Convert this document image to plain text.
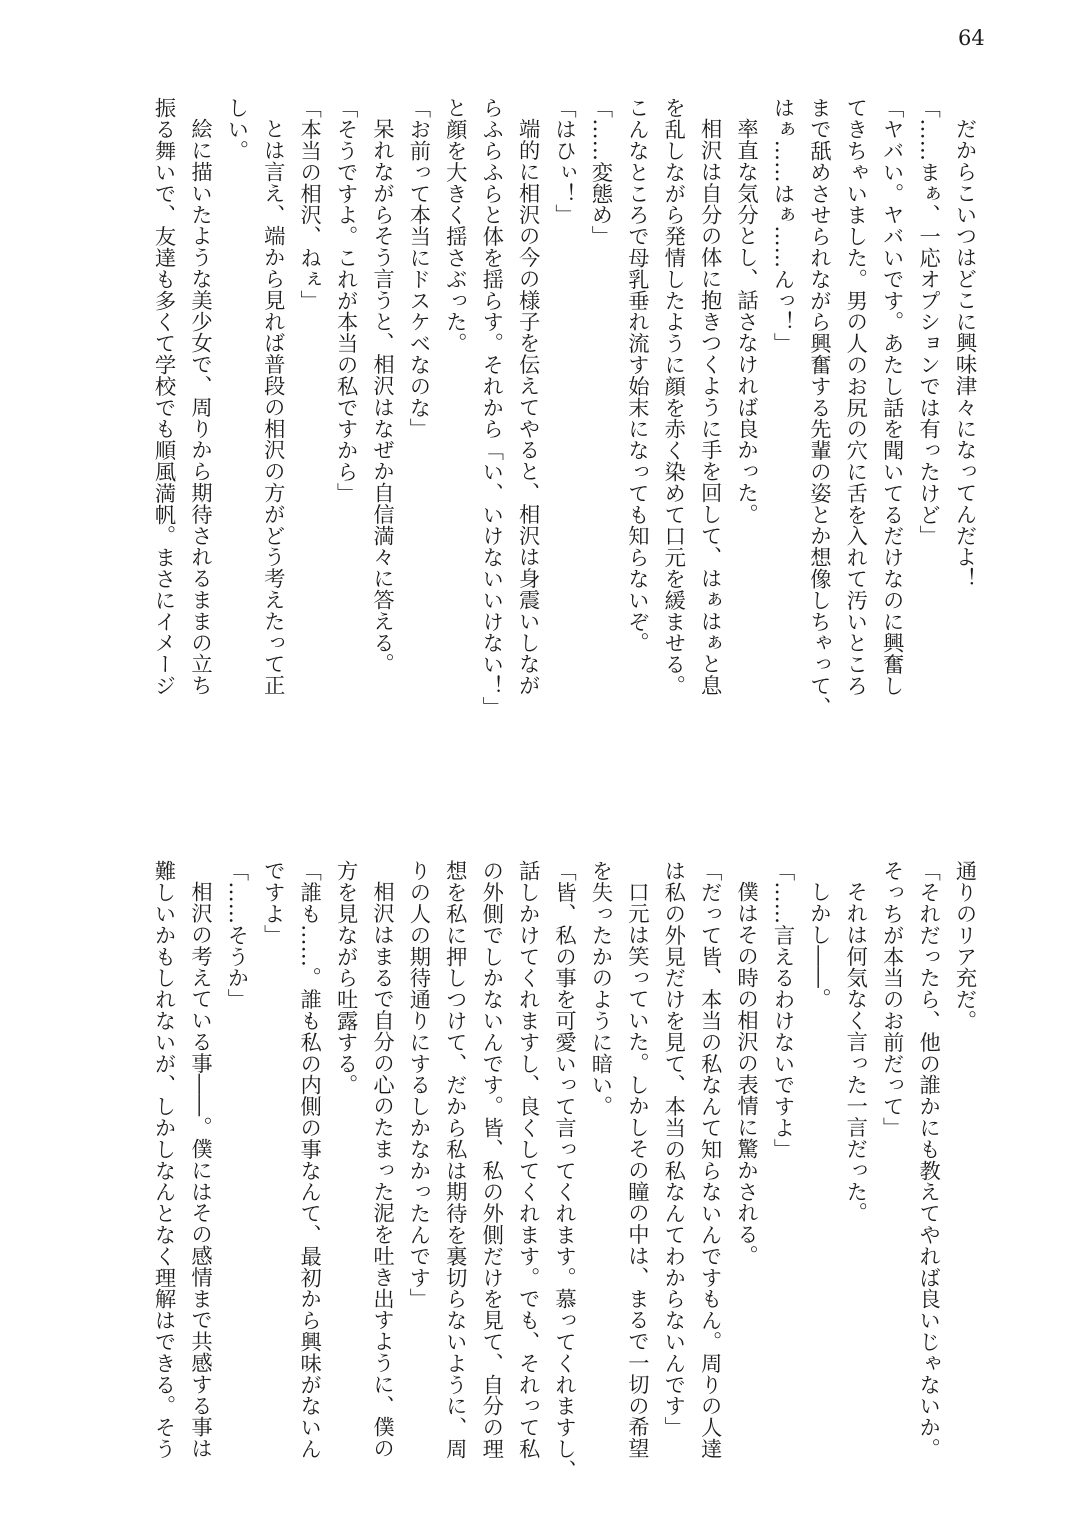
64
だからこいつはどこに興味津々になってんだよ！
「……まぁ、一応オプションでは有ったけど」
「ヤバい。ヤバいです。あたし話を聞いてるだけなのに興奮し
てきちゃいました。男の人のお尻の穴に舌を入れて汚いところ
まで舐めさせられながら興奮する先輩の姿とか想像しちゃって、
はぁ……はぁ……んっ！」
率直な気分とし、話さなければ良かった。
相沢は自分の体に抱きつくように手を回して、はぁはぁと息
を乱しながら発情したように顔を赤く染めて口元を緩ませる。
こんなところで母乳垂れ流す始末になっても知らないぞ。
「……変態め」
「はひぃ！」
端的に相沢の今の様子を伝えてやると、相沢は身震いしなが
らふらふらと体を揺らす。それから「い、いけないいけない！」
と顔を大きく揺さぶった。
「お前って本当にドスケベなのな」
呆れながらそう言うと、相沢はなぜか自信満々に答える。
「そうですよ。これが本当の私ですから」
「本当の相沢、ねぇ」
とは言え、端から見れば普段の相沢の方がどう考えたって正
しい。
絵に描いたような美少女で、周りから期待されるままの立ち
振る舞いで、友達も多くて学校でも順風満帆。まさにイメージ
通りのリア充だ。
「それだったら、他の誰かにも教えてやれば良いじゃないか。
そっちが本当のお前だって」
それは何気なく言った一言だった。
しかし――。
「……言えるわけないですよ」
僕はその時の相沢の表情に驚かされる。
「だって皆、本当の私なんて知らないんですもん。周りの人達
は私の外見だけを見て、本当の私なんてわからないんです」
口元は笑っていた。しかしその瞳の中は、まるで一切の希望
を失ったかのように暗い。
「皆、私の事を可愛いって言ってくれます。慕ってくれますし、
話しかけてくれますし、良くしてくれます。でも、それって私
の外側でしかないんです。皆、私の外側だけを見て、自分の理
想を私に押しつけて、だから私は期待を裏切らないように、周
りの人の期待通りにするしかなかったんです」
相沢はまるで自分の心のたまった泥を吐き出すように、僕の
方を見ながら吐露する。
「誰も……。誰も私の内側の事なんて、最初から興味がないん
ですよ」
「……そうか」
相沢の考えている事――。僕にはその感情まで共感する事は
難しいかもしれないが、しかしなんとなく理解はできる。そう
